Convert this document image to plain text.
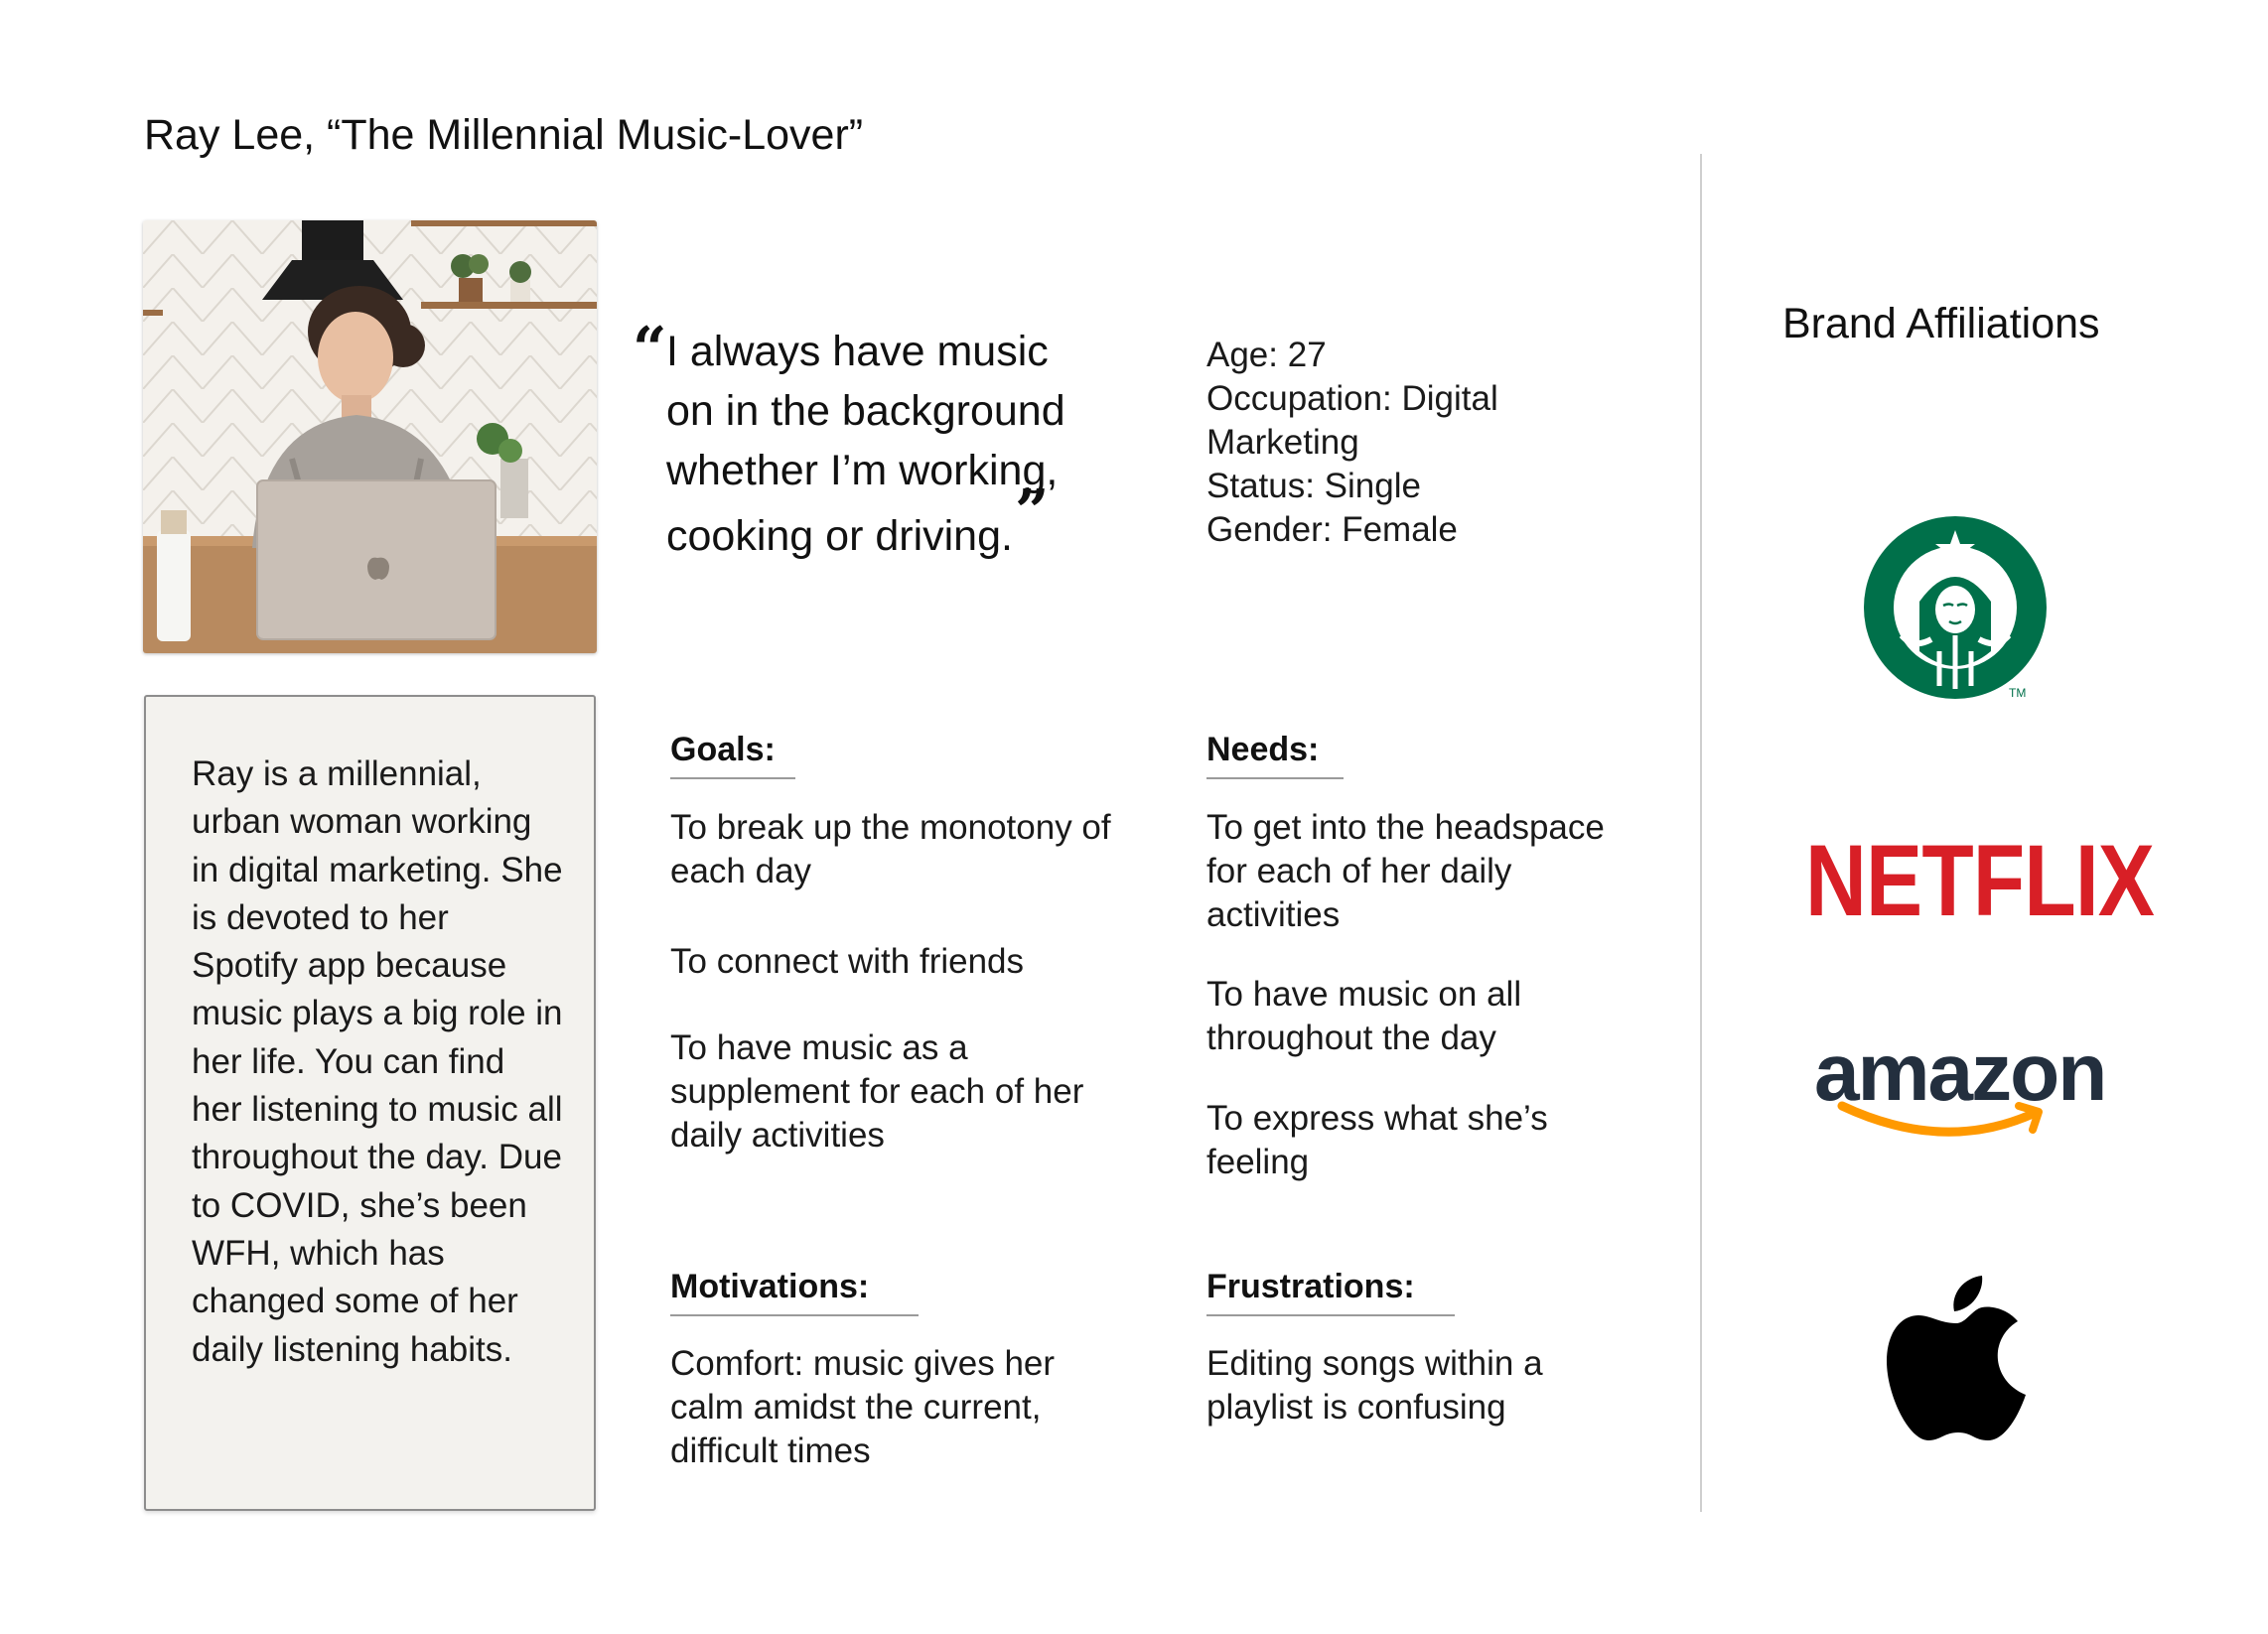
Ray Lee, “The Millennial Music-Lover”
Ray is a millennial, urban woman working in digital marketing. She is devoted to her Spotify app because music plays a big role in her life. You can find her listening to music all throughout the day. Due to COVID, she’s been WFH, which has changed some of her daily listening habits.
“ I always have music on in the background whether I’m working, cooking or driving.”
Age: 27
Occupation: Digital Marketing
Status: Single
Gender: Female
Goals:
To break up the monotony of each day
To connect with friends
To have music as a supplement for each of her daily activities
Needs:
To get into the headspace for each of her daily activities
To have music on all throughout the day
To express what she’s feeling
Motivations:
Comfort: music gives her calm amidst the current, difficult times
Frustrations:
Editing songs within a playlist is confusing
Brand Affiliations
TM
NETFLIX
amazon
